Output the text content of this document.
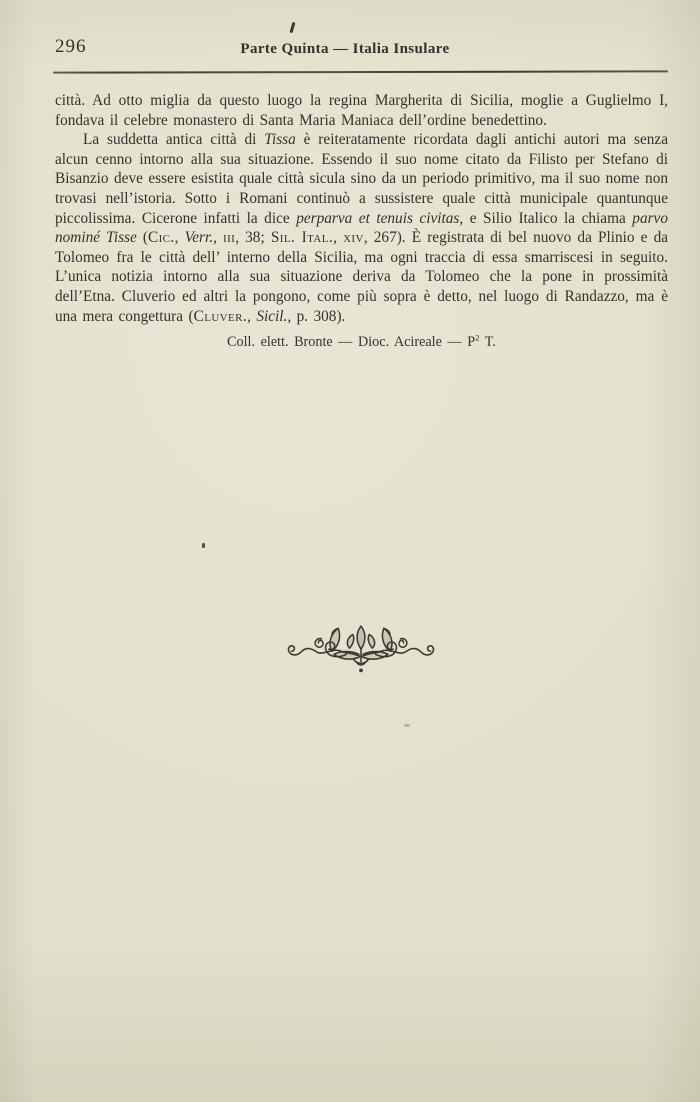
296	Parte Quinta — Italia Insulare

città. Ad otto miglia da questo luogo la regina Margherita di Sicilia, moglie a Guglielmo I, fondava il celebre monastero di Santa Maria Maniaca dell’ordine benedettino.

La suddetta antica città di Tissa è reiteratamente ricordata dagli antichi autori ma senza alcun cenno intorno alla sua situazione. Essendo il suo nome citato da Filisto per Stefano di Bisanzio deve essere esistita quale città sicula sino da un periodo primitivo, ma il suo nome non trovasi nell’istoria. Sotto i Romani continuò a sussistere quale città municipale quantunque piccolissima. Cicerone infatti la dice perparva et tenuis civitas, e Silio Italico la chiama parvo nominé Tisse (Cic., Verr., iii, 38; Sil. Ital., xiv, 267). È registrata di bel nuovo da Plinio e da Tolomeo fra le città dell’ interno della Sicilia, ma ogni traccia di essa smarriscesi in seguito. L’unica notizia intorno alla sua situazione deriva da Tolomeo che la pone in prossimità dell’Etna. Cluverio ed altri la pongono, come più sopra è detto, nel luogo di Randazzo, ma è una mera congettura (Cluver., Sicil., p. 308).

Coll. elett. Bronte — Dioc. Acireale — $P^2$ T.
